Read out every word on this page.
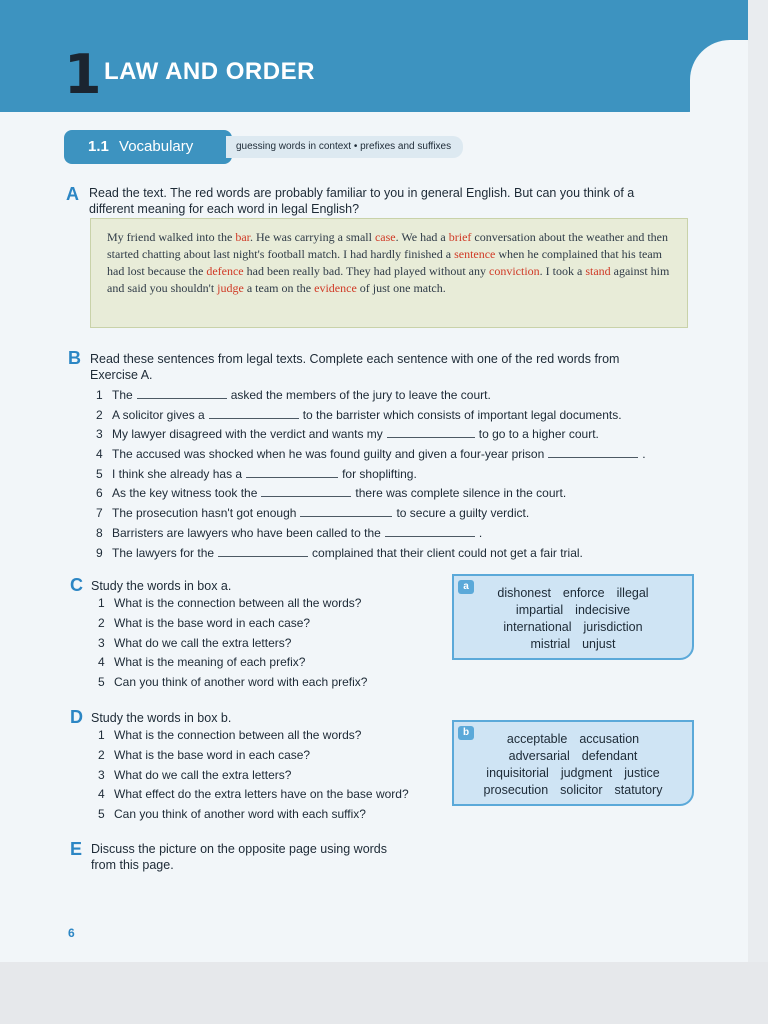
1 LAW AND ORDER
1.1 Vocabulary	guessing words in context • prefixes and suffixes
A Read the text. The red words are probably familiar to you in general English. But can you think of a
different meaning for each word in legal English?
My friend walked into the bar. He was carrying a small case. We had a brief conversation about the weather and then started chatting about last night's football match. I had hardly finished a sentence when he complained that his team had lost because the defence had been really bad. They had played without any conviction. I took a stand against him and said you shouldn't judge a team on the evidence of just one match.
B Read these sentences from legal texts. Complete each sentence with one of the red words from
Exercise A.
1 The	asked the members of the jury to leave the court.
2 A solicitor gives a	to the barrister which consists of important legal documents.
3 My lawyer disagreed with the verdict and wants my	to go to a higher court.
4 The accused was shocked when he was found guilty and given a four-year prison	.
5 I think she already has a	for shoplifting.
6 As the key witness took the	there was complete silence in the court.
7 The prosecution hasn't got enough	to secure a guilty verdict.
8 Barristers are lawyers who have been called to the	.
9 The lawyers for the	complained that their client could not get a fair trial.
C Study the words in box a.
1 What is the connection between all the words?
2 What is the base word in each case?
3 What do we call the extra letters?
4 What is the meaning of each prefix?
5 Can you think of another word with each prefix?
a	dishonest enforce illegal
impartial indecisive
international jurisdiction
mistrial unjust
D Study the words in box b.
1 What is the connection between all the words?
2 What is the base word in each case?
3 What do we call the extra letters?
4 What effect do the extra letters have on the base word?
5 Can you think of another word with each suffix?
b	acceptable accusation
adversarial defendant
inquisitorial judgment justice
prosecution solicitor statutory
E Discuss the picture on the opposite page using words
from this page.
6
